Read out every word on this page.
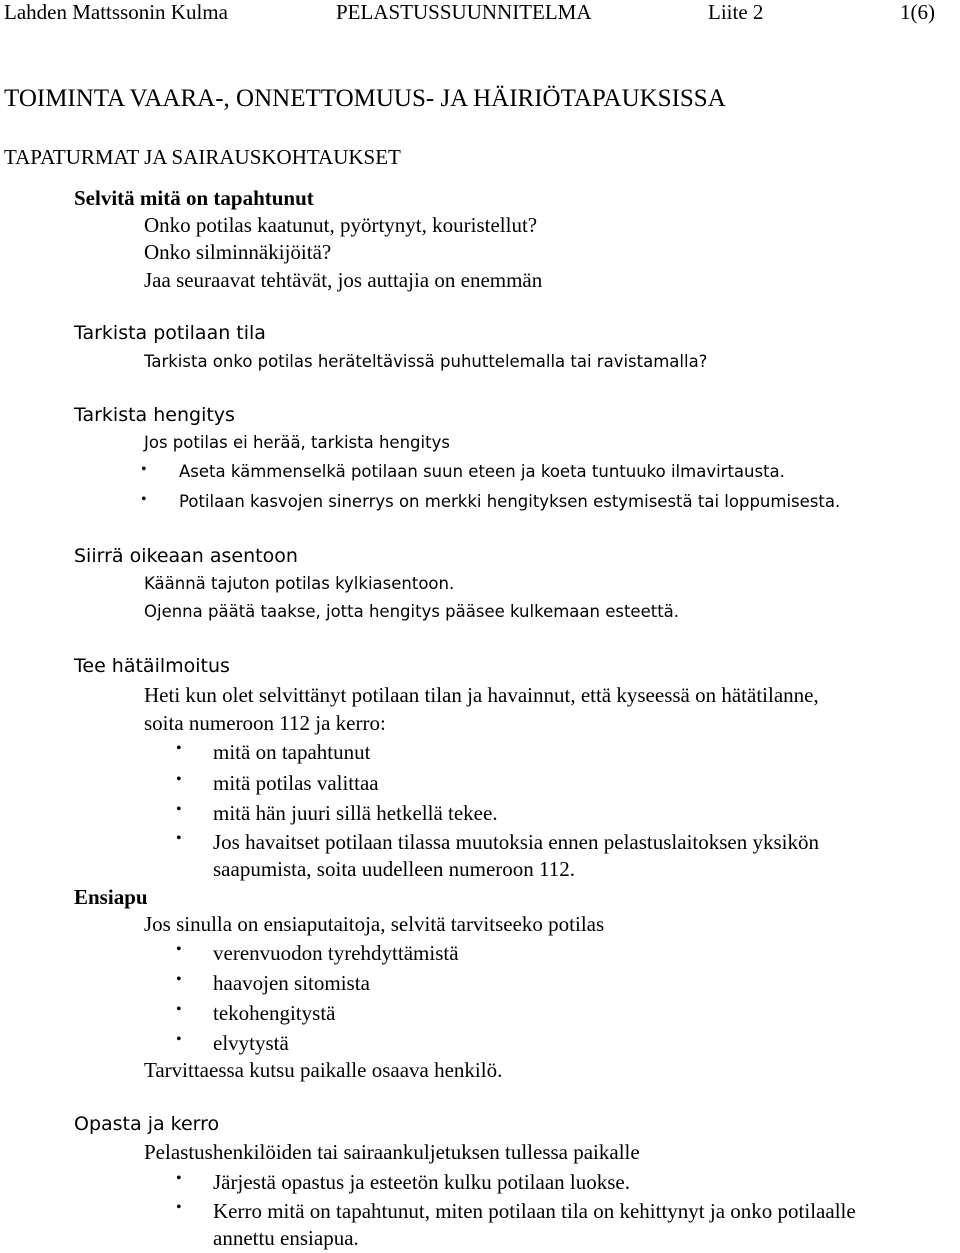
Lahden Mattssonin Kulma	PELASTUSSUUNNITELMA	Liite 2	1(6)
TOIMINTA VAARA-, ONNETTOMUUS- JA HÄIRIÖTAPAUKSISSA
TAPATURMAT JA SAIRAUSKOHTAUKSET
Selvitä mitä on tapahtunut
Onko potilas kaatunut, pyörtynyt, kouristellut?
Onko silminnäkijöitä?
Jaa seuraavat tehtävät, jos auttajia on enemmän
Tarkista potilaan tila
Tarkista onko potilas heräteltävissä puhuttelemalla tai ravistamalla?
Tarkista hengitys
Jos potilas ei herää, tarkista hengitys
• Aseta kämmenselkä potilaan suun eteen ja koeta tuntuuko ilmavirtausta.
• Potilaan kasvojen sinerrys on merkki hengityksen estymisestä tai loppumisesta.
Siirrä oikeaan asentoon
Käännä tajuton potilas kylkiasentoon.
Ojenna päätä taakse, jotta hengitys pääsee kulkemaan esteettä.
Tee hätäilmoitus
Heti kun olet selvittänyt potilaan tilan ja havainnut, että kyseessä on hätätilanne,
soita numeroon 112 ja kerro:
• mitä on tapahtunut
• mitä potilas valittaa
• mitä hän juuri sillä hetkellä tekee.
• Jos havaitset potilaan tilassa muutoksia ennen pelastuslaitoksen yksikön
saapumista, soita uudelleen numeroon 112.
Ensiapu
Jos sinulla on ensiaputaitoja, selvitä tarvitseeko potilas
• verenvuodon tyrehdyttämistä
• haavojen sitomista
• tekohengitystä
• elvytystä
Tarvittaessa kutsu paikalle osaava henkilö.
Opasta ja kerro
Pelastushenkilöiden tai sairaankuljetuksen tullessa paikalle
• Järjestä opastus ja esteetön kulku potilaan luokse.
• Kerro mitä on tapahtunut, miten potilaan tila on kehittynyt ja onko potilaalle
annettu ensiapua.
